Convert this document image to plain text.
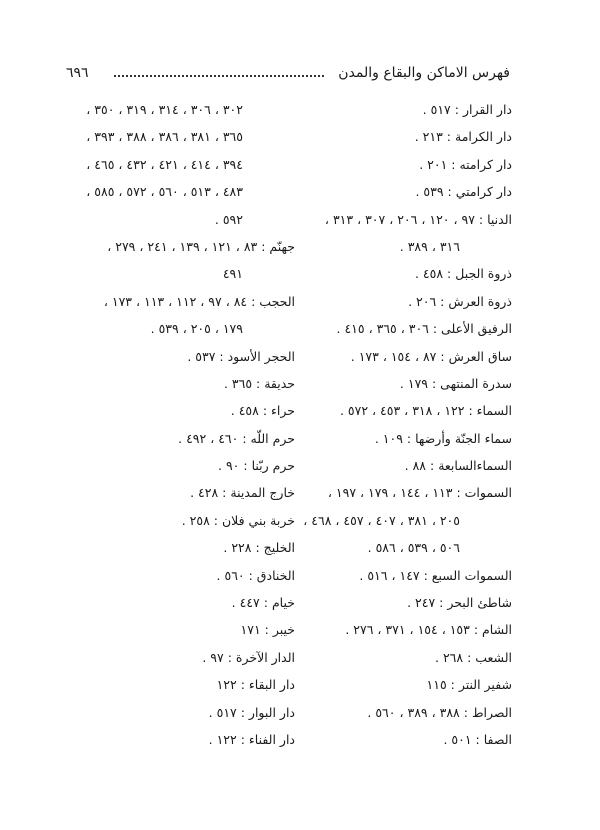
٦٩٦	فهرس الاماكن والبقاع والمدن
دار القرار : ٥١٧ .
دار الكرامة : ٢١٣ .
دار كرامته : ٢٠١ .
دار كرامتي : ٥٣٩ .
الدنيا : ٩٧ ، ١٢٠ ، ٢٠٦ ، ٣٠٧ ، ٣١٣ ،
٣١٦ ، ٣٨٩ .
ذروة الجبل : ٤٥٨ .
ذروة العرش : ٢٠٦ .
الرفيق الأعلى : ٣٠٦ ، ٣٦٥ ، ٤١٥ .
ساق العرش : ٨٧ ، ١٥٤ ، ١٧٣ .
سدرة المنتهى : ١٧٩ .
السماء : ١٢٢ ، ٣١٨ ، ٤٥٣ ، ٥٧٢ .
سماء الجنّة وأرضها : ١٠٩ .
السماءالسابعة : ٨٨ .
السموات : ١١٣ ، ١٤٤ ، ١٧٩ ، ١٩٧ ،
٢٠٥ ، ٣٨١ ، ٤٠٧ ، ٤٥٧ ، ٤٦٨ ،
٥٠٦ ، ٥٣٩ ، ٥٨٦ .
السموات السبع : ١٤٧ ، ٥١٦ .
شاطئ البحر : ٢٤٧ .
الشام : ١٥٣ ، ١٥٤ ، ٣٧١ ، ٢٧٦ .
الشعب : ٢٦٨ .
شفير النتر : ١١٥
الصراط : ٣٨٨ ، ٣٨٩ ، ٥٦٠ .
الصفا : ٥٠١ .
٣٠٢ ، ٣٠٦ ، ٣١٤ ، ٣١٩ ، ٣٥٠ ،
٣٦٥ ، ٣٨١ ، ٣٨٦ ، ٣٨٨ ، ٣٩٣ ،
٣٩٤ ، ٤١٤ ، ٤٢١ ، ٤٣٢ ، ٤٦٥ ،
٤٨٣ ، ٥١٣ ، ٥٦٠ ، ٥٧٢ ، ٥٨٥ ،
٥٩٢ .
جهنّم : ٨٣ ، ١٢١ ، ١٣٩ ، ٢٤١ ، ٢٧٩ ،
٤٩١
الحجب : ٨٤ ، ٩٧ ، ١١٢ ، ١١٣ ، ١٧٣ ،
١٧٩ ، ٢٠٥ ، ٥٣٩ .
الحجر الأسود : ٥٣٧ .
حديقة : ٣٦٥ .
حراء : ٤٥٨ .
حرم اللّه : ٤٦٠ ، ٤٩٢ .
حرم ربّنا : ٩٠ .
خارج المدينة : ٤٢٨ .
خربة بني فلان : ٢٥٨ .
الخليج : ٢٢٨ .
الخنادق : ٥٦٠ .
خيام : ٤٤٧ .
خيبر : ١٧١
الدار الآخرة : ٩٧ .
دار البقاء : ١٢٢
دار البوار : ٥١٧ .
دار الفناء : ١٢٢ .
